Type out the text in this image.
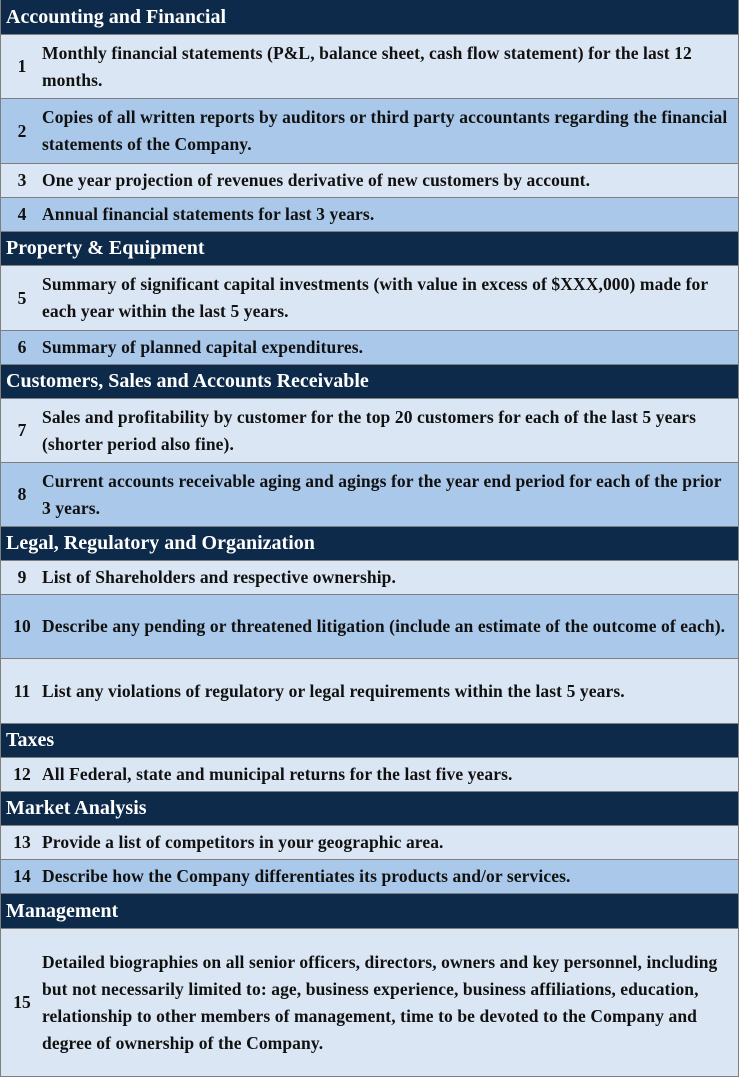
Accounting and Financial
1
Monthly financial statements (P&L, balance sheet, cash flow statement) for the last 12 months.
2
Copies of all written reports by auditors or third party accountants regarding the financial statements of the Company.
3 One year projection of revenues derivative of new customers by account.
4 Annual financial statements for last 3 years.
Property & Equipment
5
Summary of significant capital investments (with value in excess of $XXX,000) made for each year within the last 5 years.
6 Summary of planned capital expenditures.
Customers, Sales and Accounts Receivable
7
Sales and profitability by customer for the top 20 customers for each of the last 5 years (shorter period also fine).
8
Current accounts receivable aging and agings for the year end period for each of the prior 3 years.
Legal, Regulatory and Organization
9 List of Shareholders and respective ownership.
10 Describe any pending or threatened litigation (include an estimate of the outcome of each).
11 List any violations of regulatory or legal requirements within the last 5 years.
Taxes
12 All Federal, state and municipal returns for the last five years.
Market Analysis
13 Provide a list of competitors in your geographic area.
14 Describe how the Company differentiates its products and/or services.
Management
15
Detailed biographies on all senior officers, directors, owners and key personnel, including but not necessarily limited to: age, business experience, business affiliations, education, relationship to other members of management, time to be devoted to the Company and degree of ownership of the Company.
